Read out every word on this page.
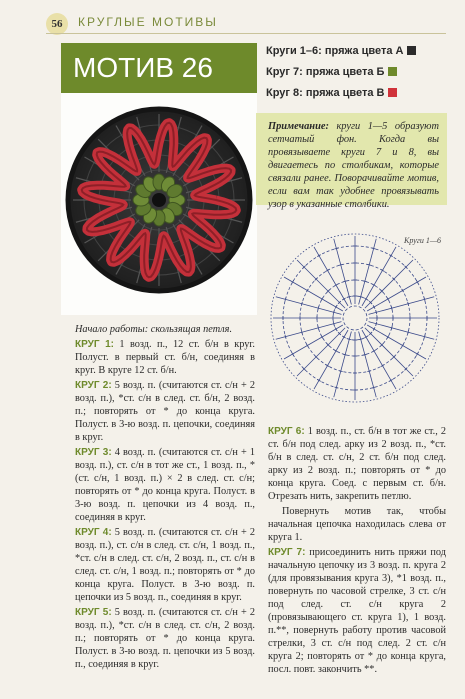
56	КРУГЛЫЕ МОТИВЫ
МОТИВ 26
Круги 1–6: пряжа цвета А
Круг 7: пряжа цвета Б
Круг 8: пряжа цвета В

Примечание: круги 1—5 образуют сетчатый фон. Когда вы провязываете круги 7 и 8, вы двигаетесь по столбикам, которые связали ранее. Поворачивайте мотив, если вам так удобнее провязывать узор в указанные столбики.

Круги 1—6

Начало работы: скользящая петля.

КРУГ 1: 1 возд. п., 12 ст. б/н в круг. Полуст. в первый ст. б/н, соединяя в круг. В круге 12 ст. б/н.

КРУГ 2: 5 возд. п. (считаются ст. с/н + 2 возд. п.), *ст. с/н в след. ст. б/н, 2 возд. п.; повторять от * до конца круга. Полуст. в 3-ю возд. п. цепочки, соединяя в круг.

КРУГ 3: 4 возд. п. (считаются ст. с/н + 1 возд. п.), ст. с/н в тот же ст., 1 возд. п., *(ст. с/н, 1 возд. п.) × 2 в след. ст. с/н; повторять от * до конца круга. Полуст. в 3-ю возд. п. цепочки из 4 возд. п., соединяя в круг.

КРУГ 4: 5 возд. п. (считаются ст. с/н + 2 возд. п.), ст. с/н в след. ст. с/н, 1 возд. п., *ст. с/н в след. ст. с/н, 2 возд. п., ст. с/н в след. ст. с/н, 1 возд. п.; повторять от * до конца круга. Полуст. в 3-ю возд. п. цепочки из 5 возд. п., соединяя в круг.

КРУГ 5: 5 возд. п. (считаются ст. с/н + 2 возд. п.), *ст. с/н в след. ст. с/н, 2 возд. п.; повторять от * до конца круга. Полуст. в 3-ю возд. п. цепочки из 5 возд. п., соединяя в круг.

КРУГ 6: 1 возд. п., ст. б/н в тот же ст., 2 ст. б/н под след. арку из 2 возд. п., *ст. б/н в след. ст. с/н, 2 ст. б/н под след. арку из 2 возд. п.; повторять от * до конца круга. Соед. с первым ст. б/н. Отрезать нить, закрепить петлю.

Повернуть мотив так, чтобы начальная цепочка находилась слева от круга 1.

КРУГ 7: присоединить нить пряжи под начальную цепочку из 3 возд. п. круга 2 (для провязывания круга 3), *1 возд. п., повернуть по часовой стрелке, 3 ст. с/н под след. ст. с/н круга 2 (провязывающего ст. круга 1), 1 возд. п.**, повернуть работу против часовой стрелки, 3 ст. с/н под след. 2 ст. с/н круга 2; повторять от * до конца круга, посл. повт. закончить **.
